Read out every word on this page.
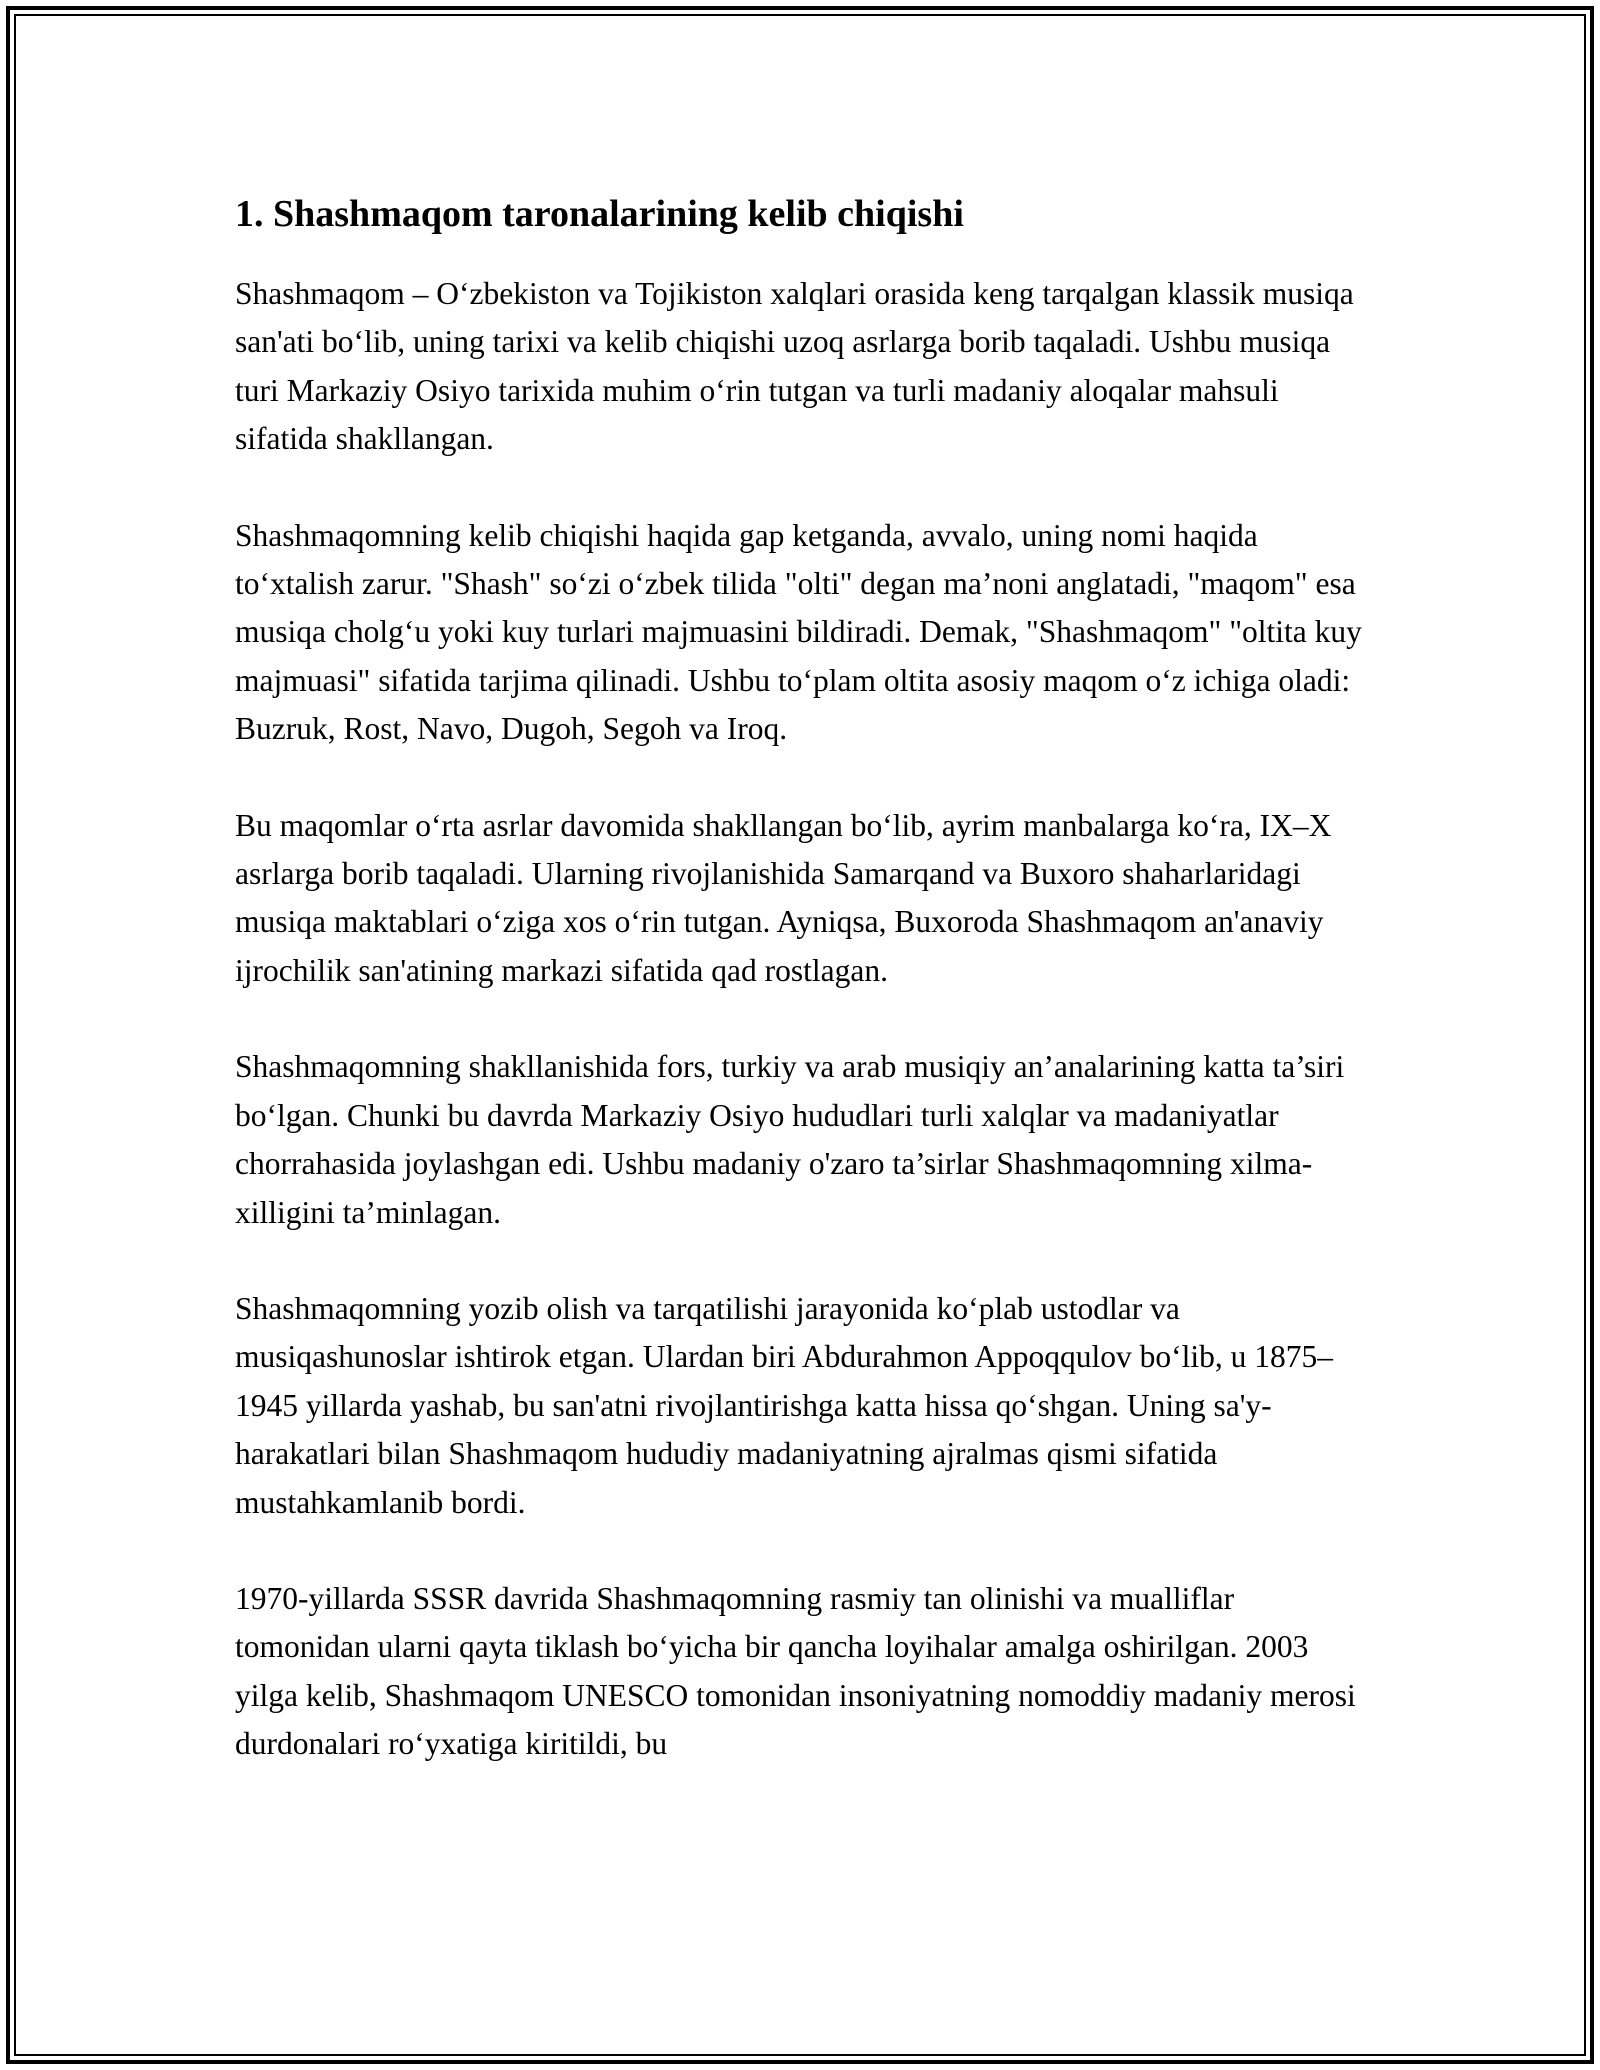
1. Shashmaqom taronalarining kelib chiqishi

Shashmaqom – O‘zbekiston va Tojikiston xalqlari orasida keng tarqalgan klassik musiqa san'ati bo‘lib, uning tarixi va kelib chiqishi uzoq asrlarga borib taqaladi. Ushbu musiqa turi Markaziy Osiyo tarixida muhim o‘rin tutgan va turli madaniy aloqalar mahsuli sifatida shakllangan.

Shashmaqomning kelib chiqishi haqida gap ketganda, avvalo, uning nomi haqida to‘xtalish zarur. "Shash" so‘zi o‘zbek tilida "olti" degan ma’noni anglatadi, "maqom" esa musiqa cholg‘u yoki kuy turlari majmuasini bildiradi. Demak, "Shashmaqom" "oltita kuy majmuasi" sifatida tarjima qilinadi. Ushbu to‘plam oltita asosiy maqom o‘z ichiga oladi: Buzruk, Rost, Navo, Dugoh, Segoh va Iroq.

Bu maqomlar o‘rta asrlar davomida shakllangan bo‘lib, ayrim manbalarga ko‘ra, IX–X asrlarga borib taqaladi. Ularning rivojlanishida Samarqand va Buxoro shaharlaridagi musiqa maktablari o‘ziga xos o‘rin tutgan. Ayniqsa, Buxoroda Shashmaqom an'anaviy ijrochilik san'atining markazi sifatida qad rostlagan.

Shashmaqomning shakllanishida fors, turkiy va arab musiqiy an’analarining katta ta’siri bo‘lgan. Chunki bu davrda Markaziy Osiyo hududlari turli xalqlar va madaniyatlar chorrahasida joylashgan edi. Ushbu madaniy o'zaro ta’sirlar Shashmaqomning xilma-xilligini ta’minlagan.

Shashmaqomning yozib olish va tarqatilishi jarayonida ko‘plab ustodlar va musiqashunoslar ishtirok etgan. Ulardan biri Abdurahmon Appoqqulov bo‘lib, u 1875–1945 yillarda yashab, bu san'atni rivojlantirishga katta hissa qo‘shgan. Uning sa'y-harakatlari bilan Shashmaqom hududiy madaniyatning ajralmas qismi sifatida mustahkamlanib bordi.

1970-yillarda SSSR davrida Shashmaqomning rasmiy tan olinishi va mualliflar tomonidan ularni qayta tiklash bo‘yicha bir qancha loyihalar amalga oshirilgan. 2003 yilga kelib, Shashmaqom UNESCO tomonidan insoniyatning nomoddiy madaniy merosi durdonalari ro‘yxatiga kiritildi, bu
